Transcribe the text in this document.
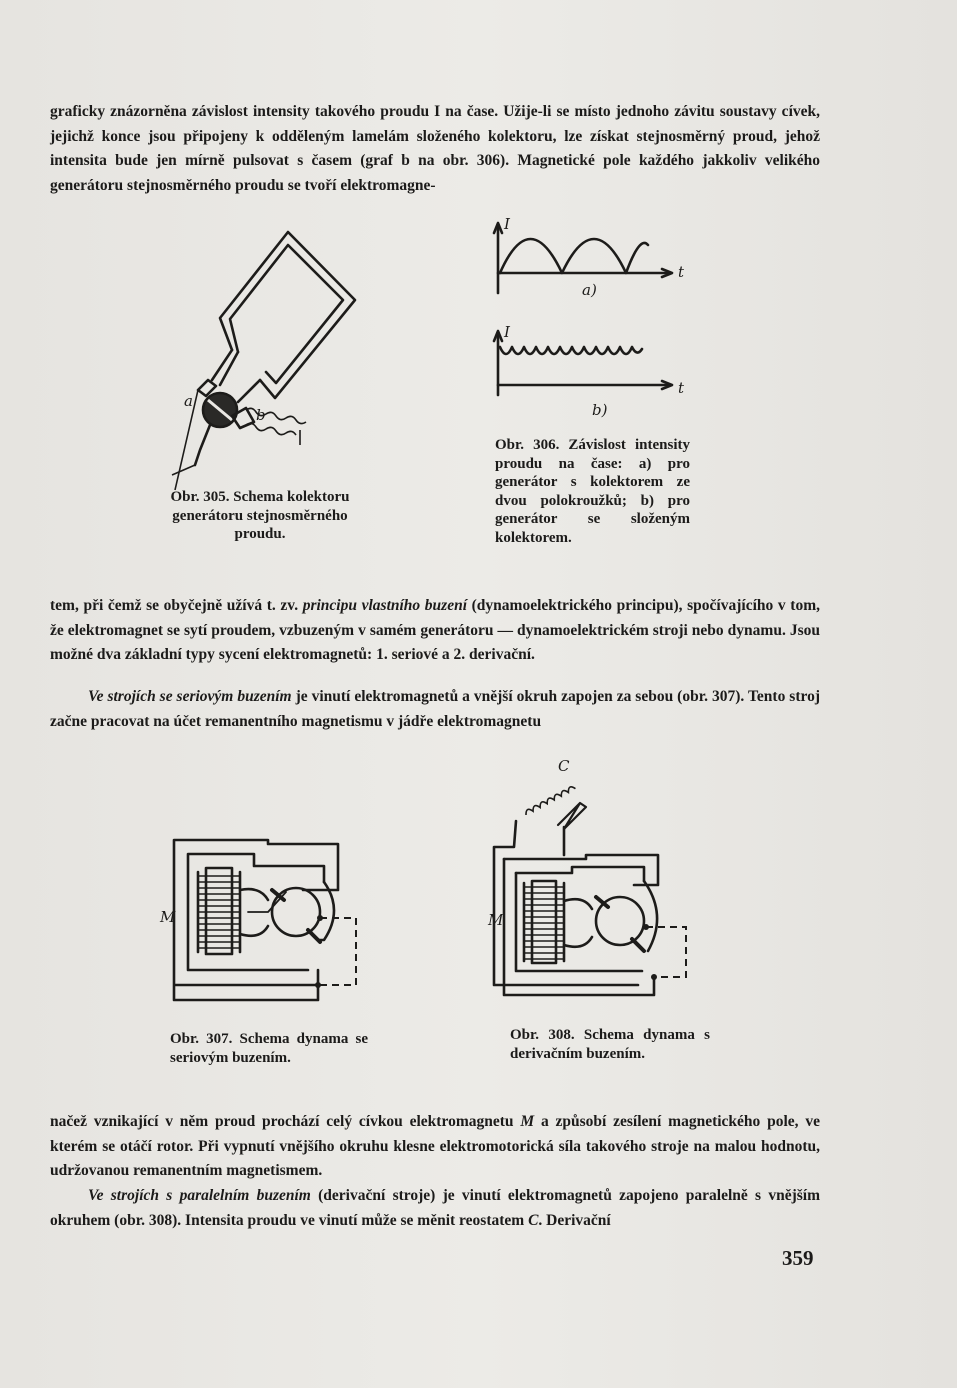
graficky znázorněna závislost intensity takového proudu I na čase. Užije-li se místo jednoho závitu soustavy cívek, jejichž konce jsou připojeny k odděleným lamelám složeného kolektoru, lze získat stejnosměrný proud, jehož intensita bude jen mírně pulsovat s časem (graf b na obr. 306). Magnetické pole každého jakkoliv velikého generátoru stejnosměrného proudu se tvoří elektromagne-
a
b
Obr. 305. Schema kolektoru generátoru stejnosměrného proudu.
I
t
a)
I
t
b)
Obr. 306. Závislost intensity proudu na čase: a) pro generátor s kolektorem ze dvou polokroužků; b) pro generátor se složeným kolektorem.
tem, při čemž se obyčejně užívá t. zv. principu vlastního buzení (dynamoelektrického principu), spočívajícího v tom, že elektromagnet se sytí proudem, vzbuzeným v samém generátoru — dynamoelektrickém stroji nebo dynamu. Jsou možné dva základní typy sycení elektromagnetů: 1. seriové a 2. derivační.
Ve strojích se seriovým buzením je vinutí elektromagnetů a vnější okruh zapojen za sebou (obr. 307). Tento stroj začne pracovat na účet remanentního magnetismu v jádře elektromagnetu
M
Obr. 307. Schema dynama se seriovým buzením.
C
M
Obr. 308. Schema dynama s derivačním buzením.
načež vznikající v něm proud prochází celý cívkou elektromagnetu M a způsobí zesílení magnetického pole, ve kterém se otáčí rotor. Při vypnutí vnějšího okruhu klesne elektromotorická síla takového stroje na malou hodnotu, udržovanou remanentním magnetismem.
Ve strojích s paralelním buzením (derivační stroje) je vinutí elektromagnetů zapojeno paralelně s vnějším okruhem (obr. 308). Intensita proudu ve vinutí může se měnit reostatem C. Derivační
359
